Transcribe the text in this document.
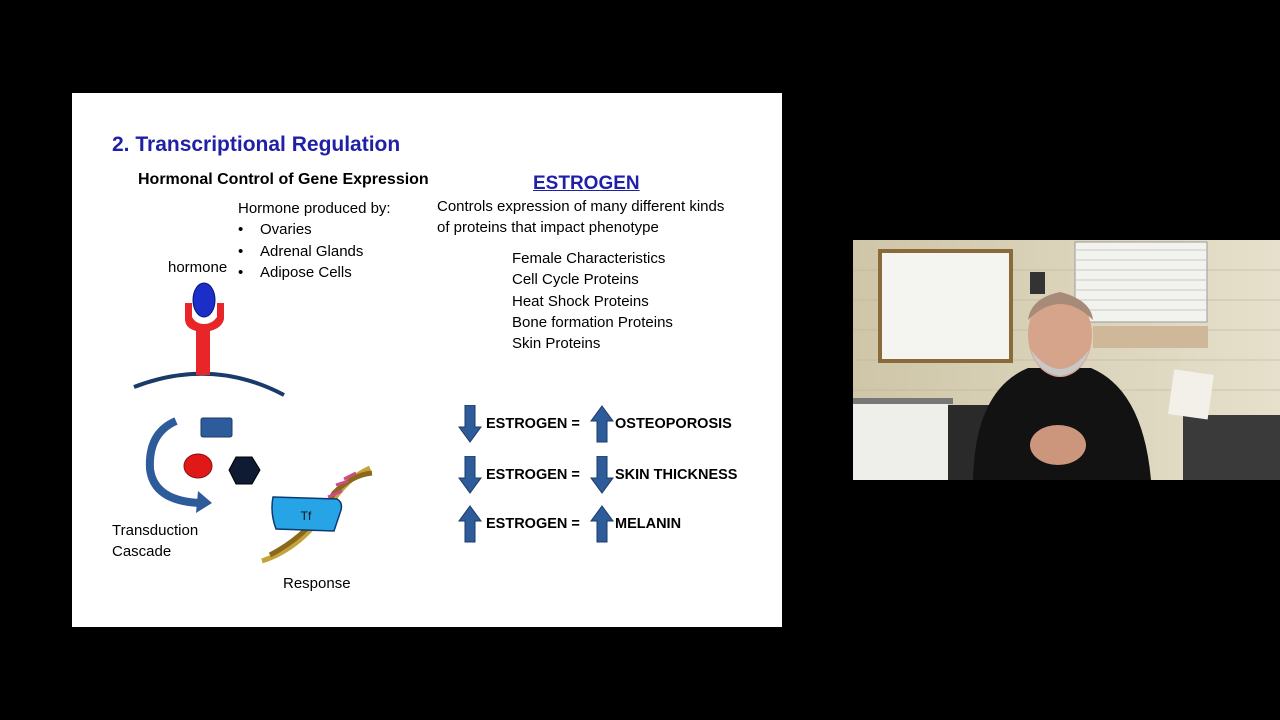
2. Transcriptional Regulation
Hormonal Control of Gene Expression
Hormone produced by:
• Ovaries
• Adrenal Glands
• Adipose Cells
hormone
Tf
Transduction
Cascade
Response
ESTROGEN
Controls expression of many different kinds
of proteins that impact phenotype
Female Characteristics
Cell Cycle Proteins
Heat Shock Proteins
Bone formation Proteins
Skin Proteins
ESTROGEN = OSTEOPOROSIS
ESTROGEN = SKIN THICKNESS
ESTROGEN = MELANIN
